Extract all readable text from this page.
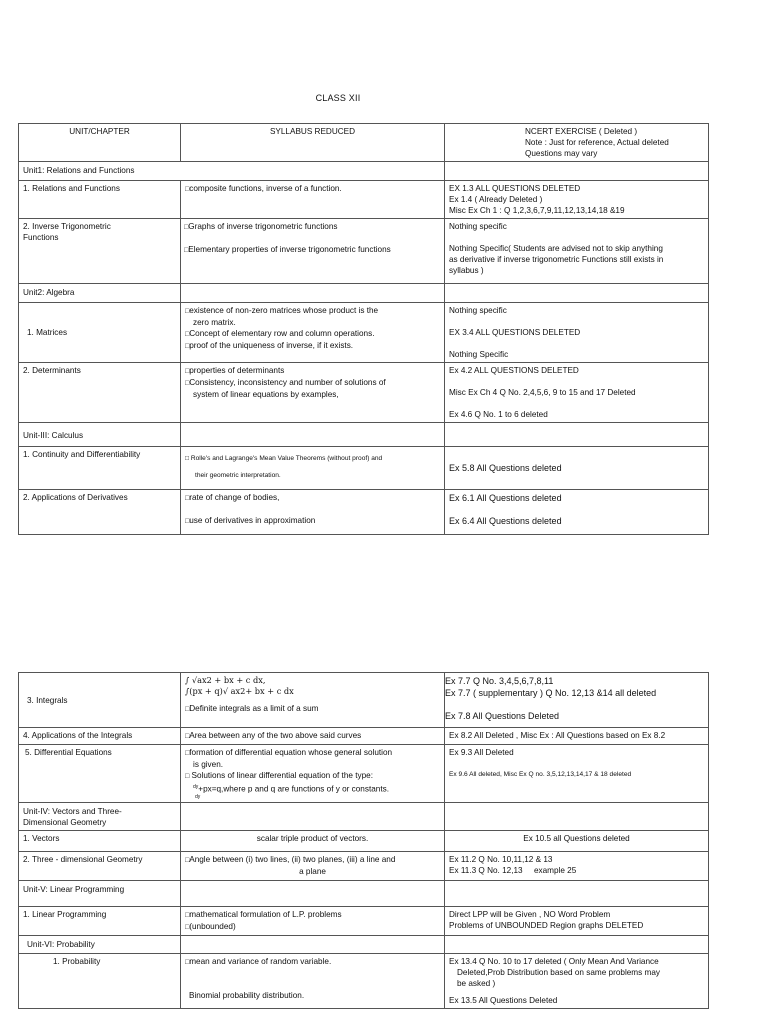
CLASS XII
UNIT/CHAPTER	SYLLABUS REDUCED	NCERT EXERCISE ( Deleted )
Note : Just for reference, Actual deleted
Questions may vary

Unit1: Relations and Functions		
1. Relations and Functions	□ composite functions, inverse of a function.	EX 1.3 ALL QUESTIONS DELETED
Ex 1.4 ( Already Deleted )
Misc Ex Ch 1 : Q 1,2,3,6,7,9,11,12,13,14,18 &19

2. Inverse Trigonometric
Functions	□ Graphs of inverse trigonometric functions
□ Elementary properties of inverse trigonometric functions	Nothing specific
Nothing Specific( Students are advised not to skip anything
as derivative if inverse trigonometric Functions still exists in
syllabus )

Unit2: Algebra		
1. Matrices	□ existence of non-zero matrices whose product is the
zero matrix.
□ Concept of elementary row and column operations.
□ proof of the uniqueness of inverse, if it exists.	Nothing specific
EX 3.4 ALL QUESTIONS DELETED
Nothing Specific

2. Determinants	□ properties of determinants
□ Consistency, inconsistency and number of solutions of
system of linear equations by examples,	Ex 4.2 ALL QUESTIONS DELETED
Misc Ex Ch 4 Q No. 2,4,5,6, 9 to 15 and 17 Deleted
Ex 4.6 Q No. 1 to 6 deleted

Unit-III: Calculus		
1. Continuity and Differentiability	□ Rolle's and Lagrange's Mean Value Theorems (without proof) and
their geometric interpretation.	Ex 5.8 All Questions deleted

2. Applications of Derivatives	□ rate of change of bodies,
□ use of derivatives in approximation	Ex 6.1 All Questions deleted
Ex 6.4 All Questions deleted
3. Integrals	∫ √ax2 + bx + c dx,
∫(px + q)√ ax2+ bx + c dx
□ Definite integrals as a limit of a sum	Ex 7.7 Q No. 3,4,5,6,7,8,11
Ex 7.7 ( supplementary ) Q No. 12,13 &14 all deleted
Ex 7.8 All Questions Deleted

4. Applications of the Integrals	□ Area between any of the two above said curves	Ex 8.2 All Deleted , Misc Ex : All Questions based on Ex 8.2

5. Differential Equations	□ formation of differential equation whose general solution
is given.
□ Solutions of linear differential equation of the type:
$^{dy}$+px=q,where p and q are functions of y or constants.
dy	Ex 9.3 All Deleted
Ex 9.6 All deleted, Misc Ex Q no. 3,5,12,13,14,17 & 18 deleted

Unit-IV: Vectors and Three-
Dimensional Geometry		

1. Vectors	scalar triple product of vectors.	Ex 10.5 all Questions deleted
2. Three - dimensional Geometry	□ Angle between (i) two lines, (ii) two planes, (iii) a line and
a plane	Ex 11.2 Q No. 10,11,12 & 13
Ex 11.3 Q No. 12,13     example 25
Unit-V: Linear Programming		
1. Linear Programming	□ mathematical formulation of L.P. problems
□ (unbounded)	Direct LPP will be Given , NO Word Problem
Problems of UNBOUNDED Region graphs DELETED

Unit-VI: Probability		
1. Probability	□ mean and variance of random variable.
Binomial probability distribution.	Ex 13.4 Q No. 10 to 17 deleted ( Only Mean And Variance
Deleted,Prob Distribution based on same problems may
be asked )
Ex 13.5 All Questions Deleted
